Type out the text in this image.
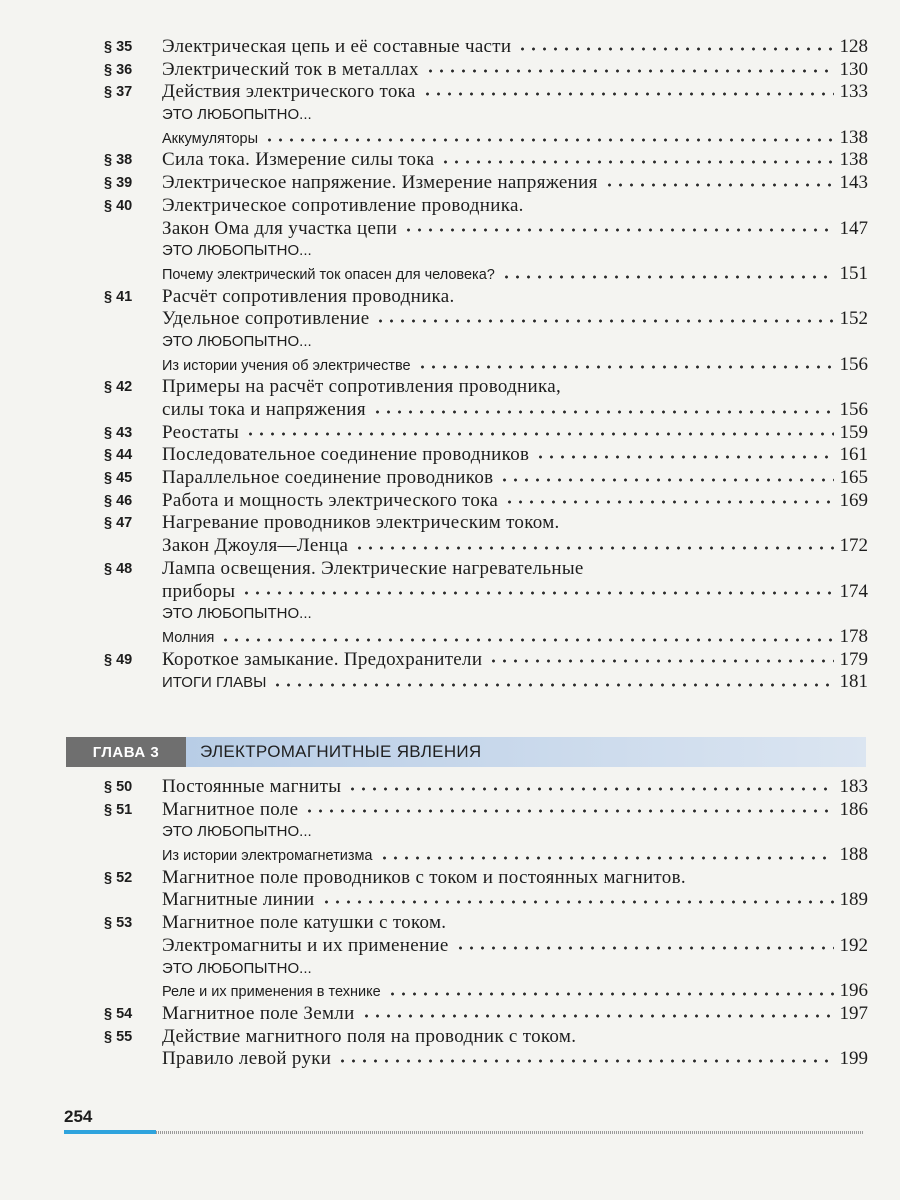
§ 35 Электрическая цепь и её составные части	128
§ 36 Электрический ток в металлах	130
§ 37 Действия электрического тока	133
ЭТО ЛЮБОПЫТНО...
Аккумуляторы	138
§ 38 Сила тока. Измерение силы тока	138
§ 39 Электрическое напряжение. Измерение напряжения	143
§ 40 Электрическое сопротивление проводника.
Закон Ома для участка цепи	147
ЭТО ЛЮБОПЫТНО...
Почему электрический ток опасен для человека?	151
§ 41 Расчёт сопротивления проводника.
Удельное сопротивление	152
ЭТО ЛЮБОПЫТНО...
Из истории учения об электричестве	156
§ 42 Примеры на расчёт сопротивления проводника,
силы тока и напряжения	156
§ 43 Реостаты	159
§ 44 Последовательное соединение проводников	161
§ 45 Параллельное соединение проводников	165
§ 46 Работа и мощность электрического тока	169
§ 47 Нагревание проводников электрическим током.
Закон Джоуля—Ленца	172
§ 48 Лампа освещения. Электрические нагревательные
приборы	174
ЭТО ЛЮБОПЫТНО...
Молния	178
§ 49 Короткое замыкание. Предохранители	179
ИТОГИ ГЛАВЫ	181
ГЛАВА 3	ЭЛЕКТРОМАГНИТНЫЕ ЯВЛЕНИЯ
§ 50 Постоянные магниты	183
§ 51 Магнитное поле	186
ЭТО ЛЮБОПЫТНО...
Из истории электромагнетизма	188
§ 52 Магнитное поле проводников с током и постоянных магнитов.
Магнитные линии	189
§ 53 Магнитное поле катушки с током.
Электромагниты и их применение	192
ЭТО ЛЮБОПЫТНО...
Реле и их применения в технике	196
§ 54 Магнитное поле Земли	197
§ 55 Действие магнитного поля на проводник с током.
Правило левой руки	199
254
